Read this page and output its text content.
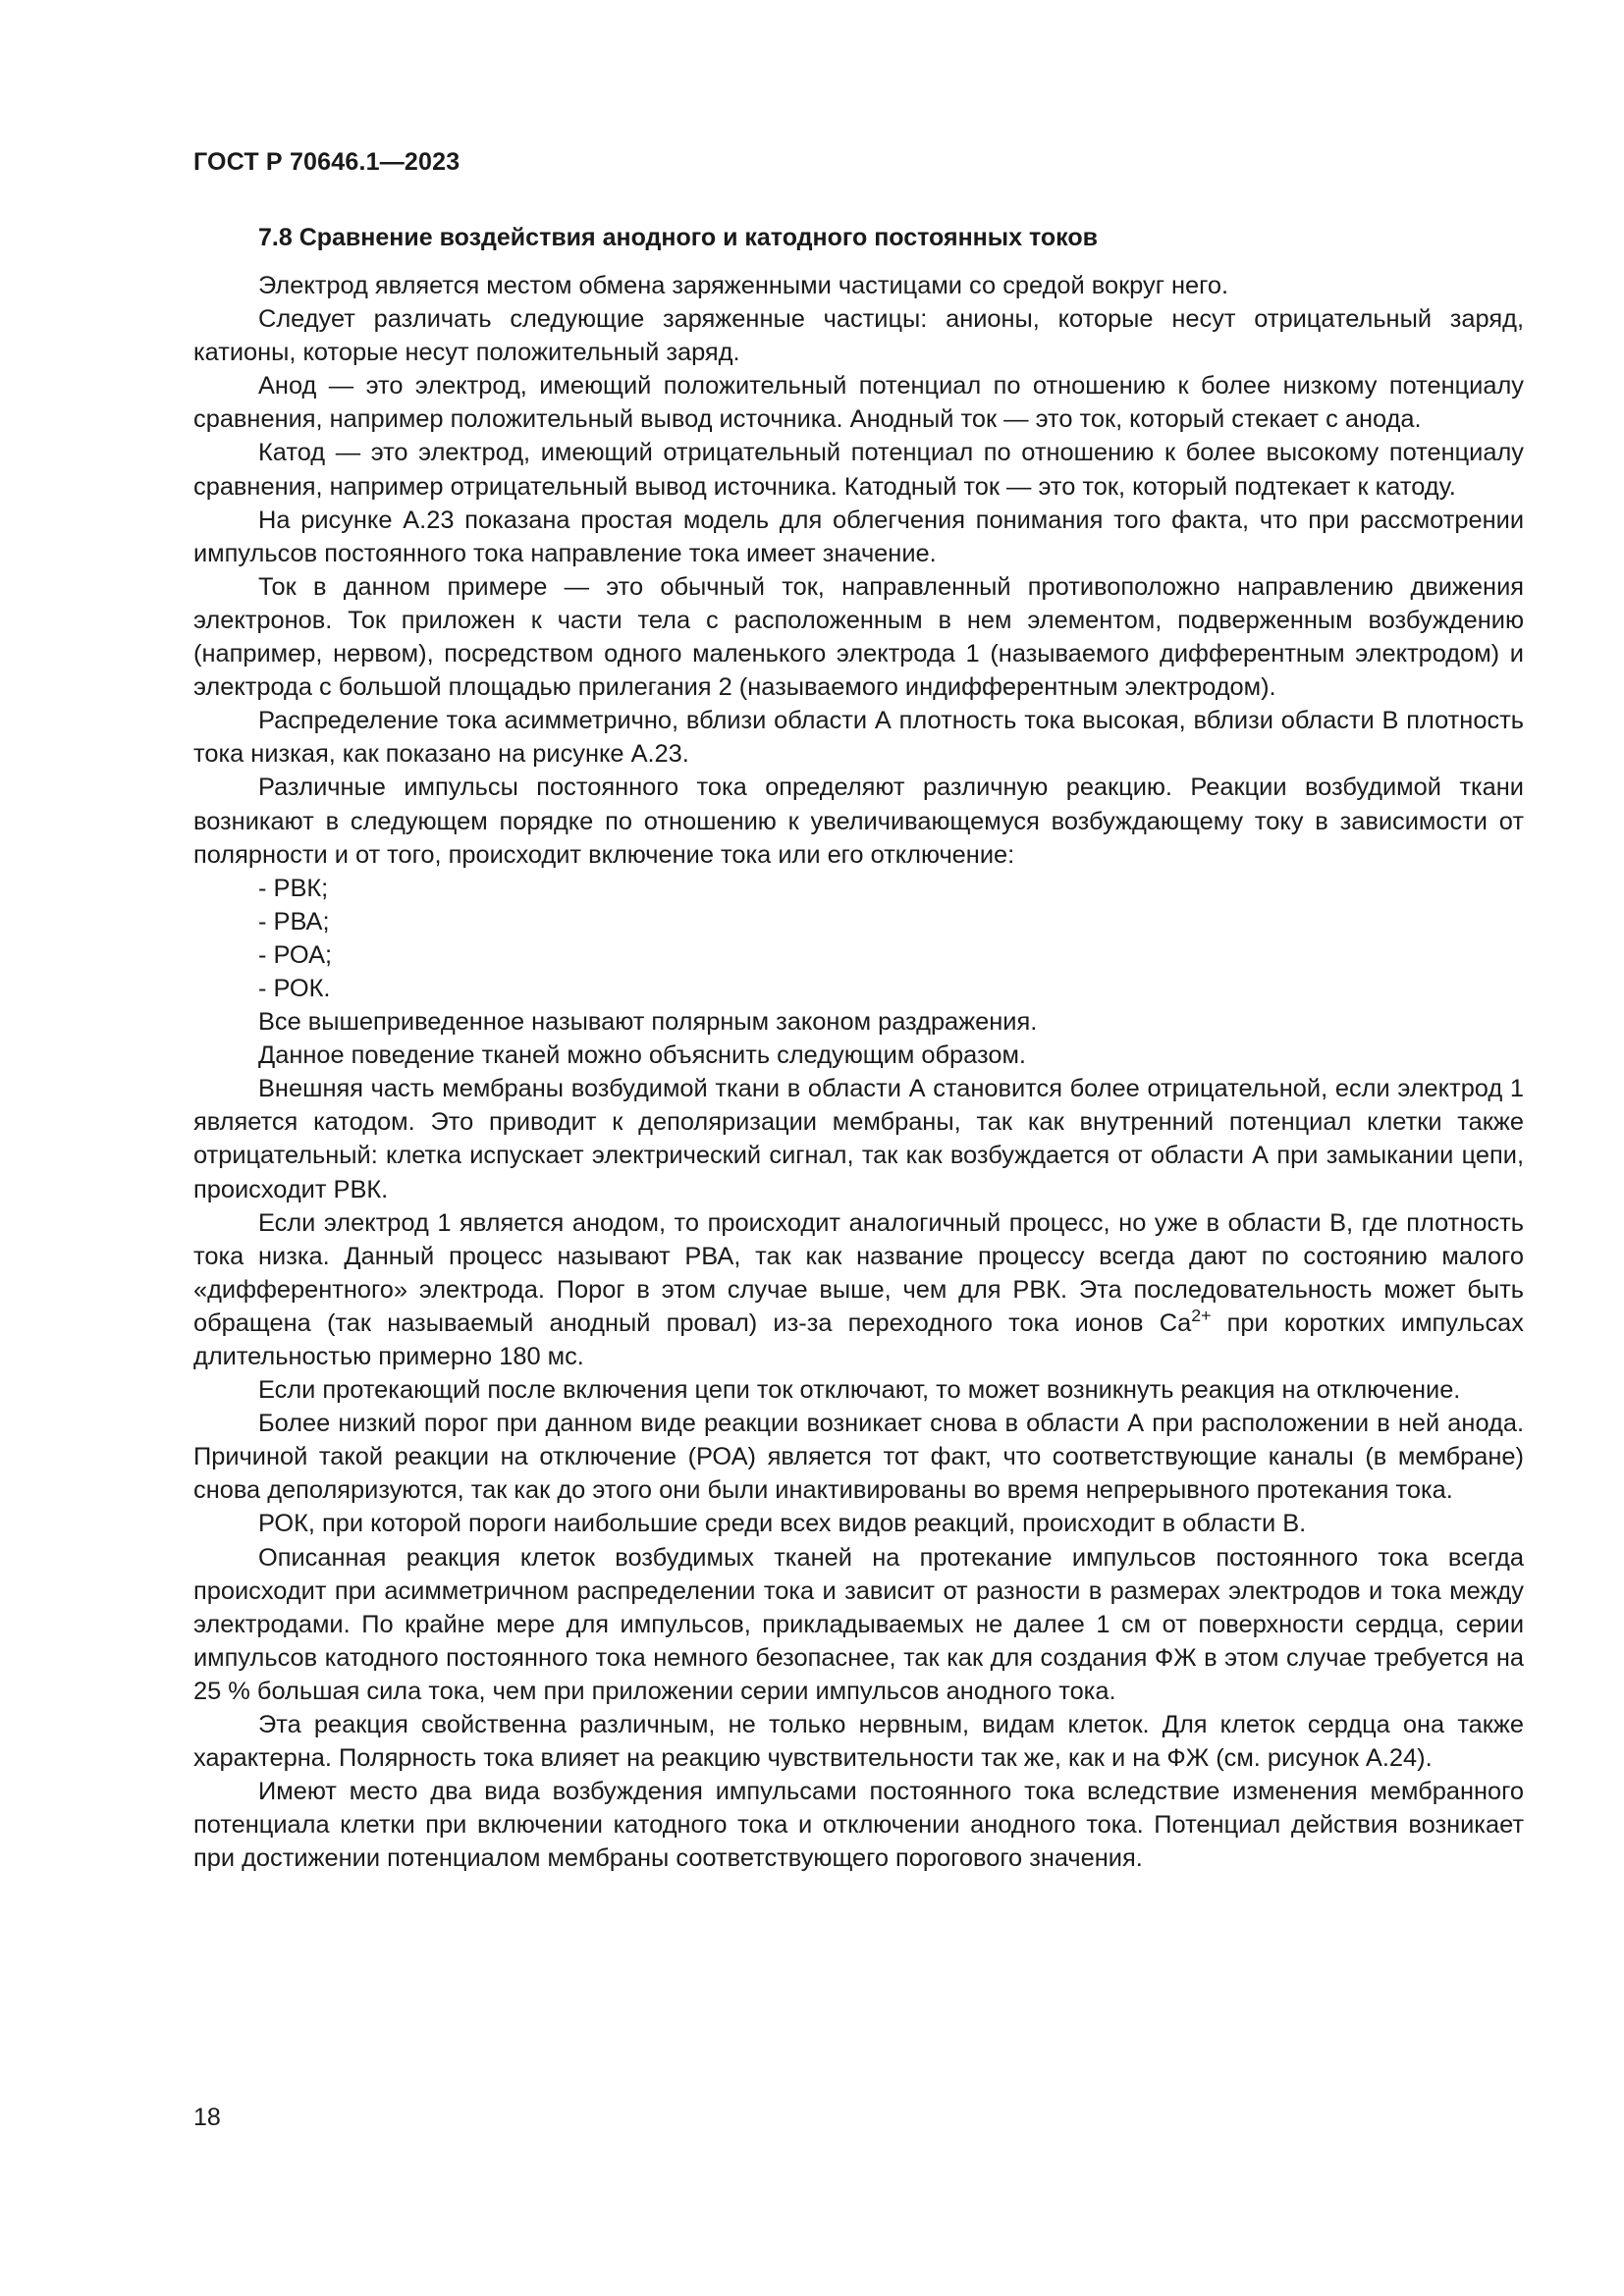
ГОСТ Р 70646.1—2023
7.8 Сравнение воздействия анодного и катодного постоянных токов

Электрод является местом обмена заряженными частицами со средой вокруг него.

Следует различать следующие заряженные частицы: анионы, которые несут отрицательный заряд, катионы, которые несут положительный заряд.

Анод — это электрод, имеющий положительный потенциал по отношению к более низкому потенциалу сравнения, например положительный вывод источника. Анодный ток — это ток, который стекает с анода.

Катод — это электрод, имеющий отрицательный потенциал по отношению к более высокому потенциалу сравнения, например отрицательный вывод источника. Катодный ток — это ток, который подтекает к катоду.

На рисунке А.23 показана простая модель для облегчения понимания того факта, что при рассмотрении импульсов постоянного тока направление тока имеет значение.

Ток в данном примере — это обычный ток, направленный противоположно направлению движения электронов. Ток приложен к части тела с расположенным в нем элементом, подверженным возбуждению (например, нервом), посредством одного маленького электрода 1 (называемого дифферентным электродом) и электрода с большой площадью прилегания 2 (называемого индифферентным электродом).

Распределение тока асимметрично, вблизи области А плотность тока высокая, вблизи области В плотность тока низкая, как показано на рисунке А.23.

Различные импульсы постоянного тока определяют различную реакцию. Реакции возбудимой ткани возникают в следующем порядке по отношению к увеличивающемуся возбуждающему току в зависимости от полярности и от того, происходит включение тока или его отключение:

- РВК;

- РВА;

- РОА;

- РОК.

Все вышеприведенное называют полярным законом раздражения.

Данное поведение тканей можно объяснить следующим образом.

Внешняя часть мембраны возбудимой ткани в области А становится более отрицательной, если электрод 1 является катодом. Это приводит к деполяризации мембраны, так как внутренний потенциал клетки также отрицательный: клетка испускает электрический сигнал, так как возбуждается от области А при замыкании цепи, происходит РВК.

Если электрод 1 является анодом, то происходит аналогичный процесс, но уже в области В, где плотность тока низка. Данный процесс называют РВА, так как название процессу всегда дают по состоянию малого «дифферентного» электрода. Порог в этом случае выше, чем для РВК. Эта последовательность может быть обращена (так называемый анодный провал) из-за переходного тока ионов $Ca^{2+}$ при коротких импульсах длительностью примерно 180 мс.

Если протекающий после включения цепи ток отключают, то может возникнуть реакция на отключение.

Более низкий порог при данном виде реакции возникает снова в области А при расположении в ней анода. Причиной такой реакции на отключение (РОА) является тот факт, что соответствующие каналы (в мембране) снова деполяризуются, так как до этого они были инактивированы во время непрерывного протекания тока.

РОК, при которой пороги наибольшие среди всех видов реакций, происходит в области В.

Описанная реакция клеток возбудимых тканей на протекание импульсов постоянного тока всегда происходит при асимметричном распределении тока и зависит от разности в размерах электродов и тока между электродами. По крайне мере для импульсов, прикладываемых не далее 1 см от поверхности сердца, серии импульсов катодного постоянного тока немного безопаснее, так как для создания ФЖ в этом случае требуется на 25 % большая сила тока, чем при приложении серии импульсов анодного тока.

Эта реакция свойственна различным, не только нервным, видам клеток. Для клеток сердца она также характерна. Полярность тока влияет на реакцию чувствительности так же, как и на ФЖ (см. рисунок А.24).

Имеют место два вида возбуждения импульсами постоянного тока вследствие изменения мембранного потенциала клетки при включении катодного тока и отключении анодного тока. Потенциал действия возникает при достижении потенциалом мембраны соответствующего порогового значения.

18
